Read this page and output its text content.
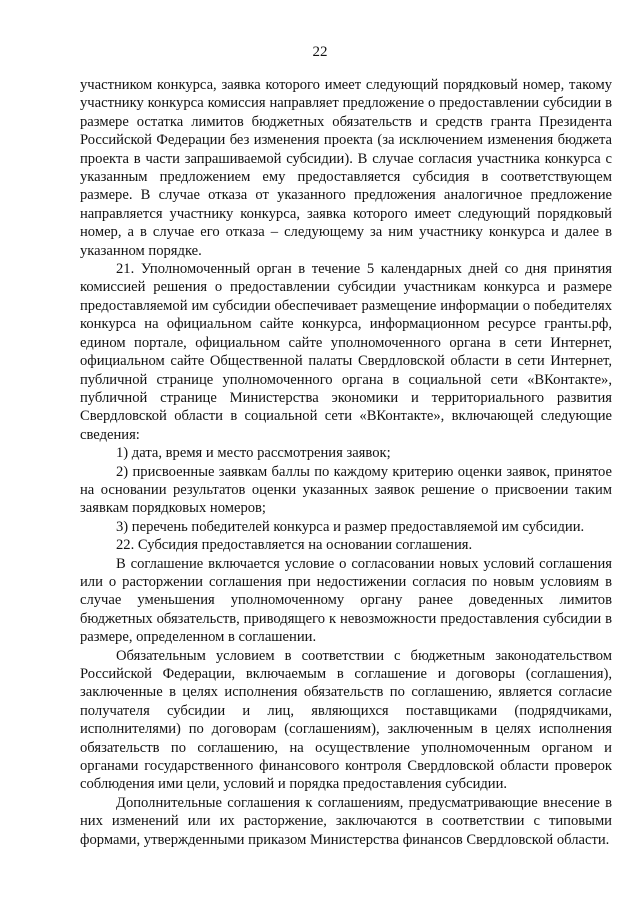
22

участником конкурса, заявка которого имеет следующий порядковый номер, такому участнику конкурса комиссия направляет предложение о предоставлении субсидии в размере остатка лимитов бюджетных обязательств и средств гранта Президента Российской Федерации без изменения проекта (за исключением изменения бюджета проекта в части запрашиваемой субсидии). В случае согласия участника конкурса с указанным предложением ему предоставляется субсидия в соответствующем размере. В случае отказа от указанного предложения аналогичное предложение направляется участнику конкурса, заявка которого имеет следующий порядковый номер, а в случае его отказа – следующему за ним участнику конкурса и далее в указанном порядке.

21. Уполномоченный орган в течение 5 календарных дней со дня принятия комиссией решения о предоставлении субсидии участникам конкурса и размере предоставляемой им субсидии обеспечивает размещение информации о победителях конкурса на официальном сайте конкурса, информационном ресурсе гранты.рф, едином портале, официальном сайте уполномоченного органа в сети Интернет, официальном сайте Общественной палаты Свердловской области в сети Интернет, публичной странице уполномоченного органа в социальной сети «ВКонтакте», публичной странице Министерства экономики и территориального развития Свердловской области в социальной сети «ВКонтакте», включающей следующие сведения:

1) дата, время и место рассмотрения заявок;

2) присвоенные заявкам баллы по каждому критерию оценки заявок, принятое на основании результатов оценки указанных заявок решение о присвоении таким заявкам порядковых номеров;

3) перечень победителей конкурса и размер предоставляемой им субсидии.

22. Субсидия предоставляется на основании соглашения.

В соглашение включается условие о согласовании новых условий соглашения или о расторжении соглашения при недостижении согласия по новым условиям в случае уменьшения уполномоченному органу ранее доведенных лимитов бюджетных обязательств, приводящего к невозможности предоставления субсидии в размере, определенном в соглашении.

Обязательным условием в соответствии с бюджетным законодательством Российской Федерации, включаемым в соглашение и договоры (соглашения), заключенные в целях исполнения обязательств по соглашению, является согласие получателя субсидии и лиц, являющихся поставщиками (подрядчиками, исполнителями) по договорам (соглашениям), заключенным в целях исполнения обязательств по соглашению, на осуществление уполномоченным органом и органами государственного финансового контроля Свердловской области проверок соблюдения ими цели, условий и порядка предоставления субсидии.

Дополнительные соглашения к соглашениям, предусматривающие внесение в них изменений или их расторжение, заключаются в соответствии с типовыми формами, утвержденными приказом Министерства финансов Свердловской области.
